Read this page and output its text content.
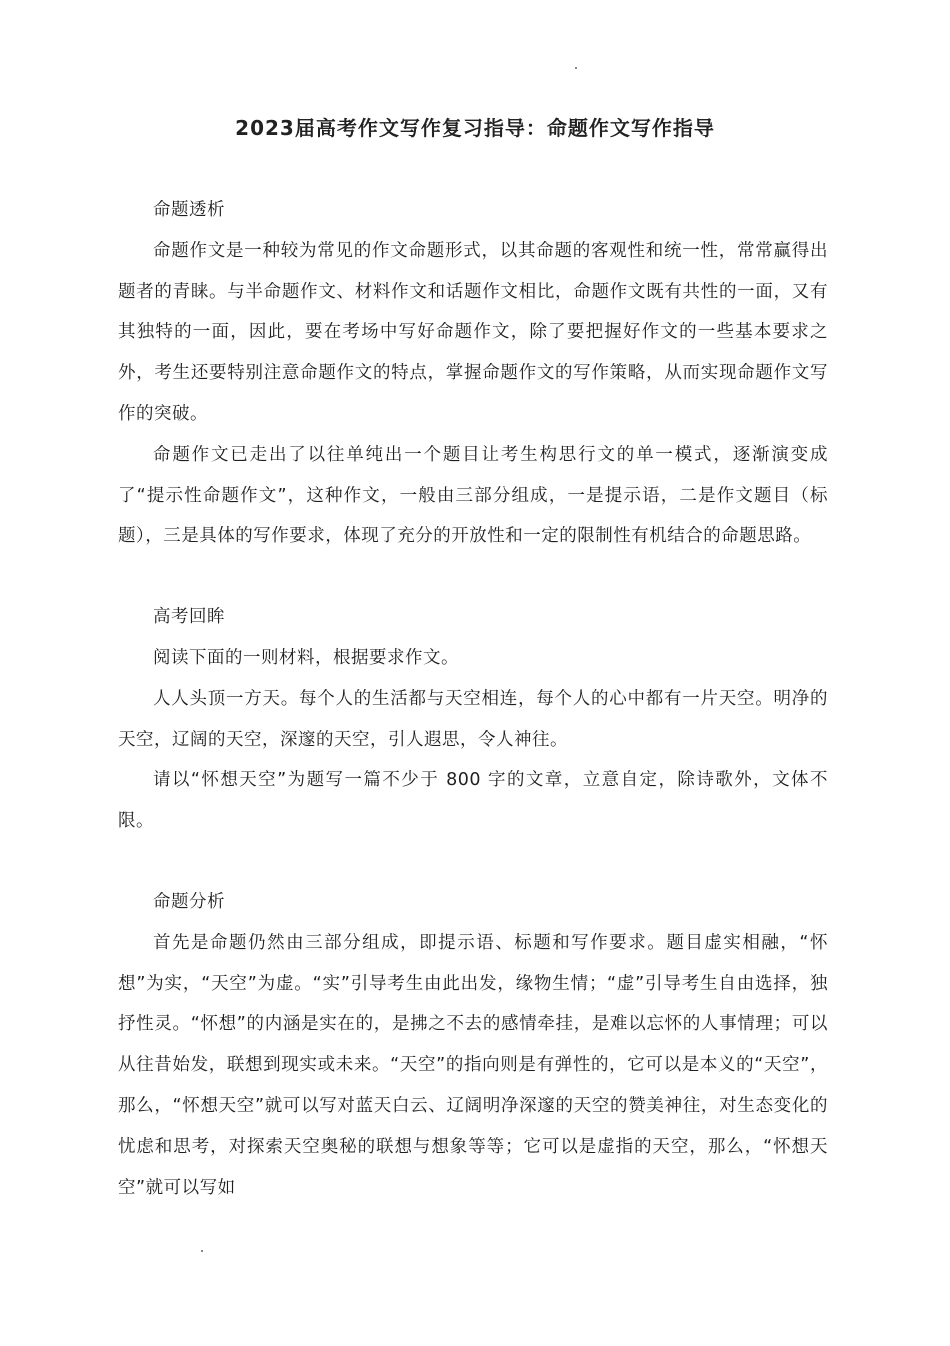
2023届高考作文写作复习指导：命题作文写作指导

命题透析

命题作文是一种较为常见的作文命题形式，以其命题的客观性和统一性，常常赢得出题者的青睐。与半命题作文、材料作文和话题作文相比，命题作文既有共性的一面，又有其独特的一面，因此，要在考场中写好命题作文，除了要把握好作文的一些基本要求之外，考生还要特别注意命题作文的特点，掌握命题作文的写作策略，从而实现命题作文写作的突破。

命题作文已走出了以往单纯出一个题目让考生构思行文的单一模式，逐渐演变成了“提示性命题作文”，这种作文，一般由三部分组成，一是提示语，二是作文题目（标题），三是具体的写作要求，体现了充分的开放性和一定的限制性有机结合的命题思路。

高考回眸

阅读下面的一则材料，根据要求作文。

人人头顶一方天。每个人的生活都与天空相连，每个人的心中都有一片天空。明净的天空，辽阔的天空，深邃的天空，引人遐思，令人神往。

请以“怀想天空”为题写一篇不少于 800 字的文章，立意自定，除诗歌外，文体不限。

命题分析

首先是命题仍然由三部分组成，即提示语、标题和写作要求。题目虚实相融，“怀想”为实，“天空”为虚。“实”引导考生由此出发，缘物生情；“虚”引导考生自由选择，独抒性灵。“怀想”的内涵是实在的，是拂之不去的感情牵挂，是难以忘怀的人事情理；可以从往昔始发，联想到现实或未来。“天空”的指向则是有弹性的，它可以是本义的“天空”，那么，“怀想天空”就可以写对蓝天白云、辽阔明净深邃的天空的赞美神往，对生态变化的忧虑和思考，对探索天空奥秘的联想与想象等等；它可以是虚指的天空，那么，“怀想天空”就可以写如
